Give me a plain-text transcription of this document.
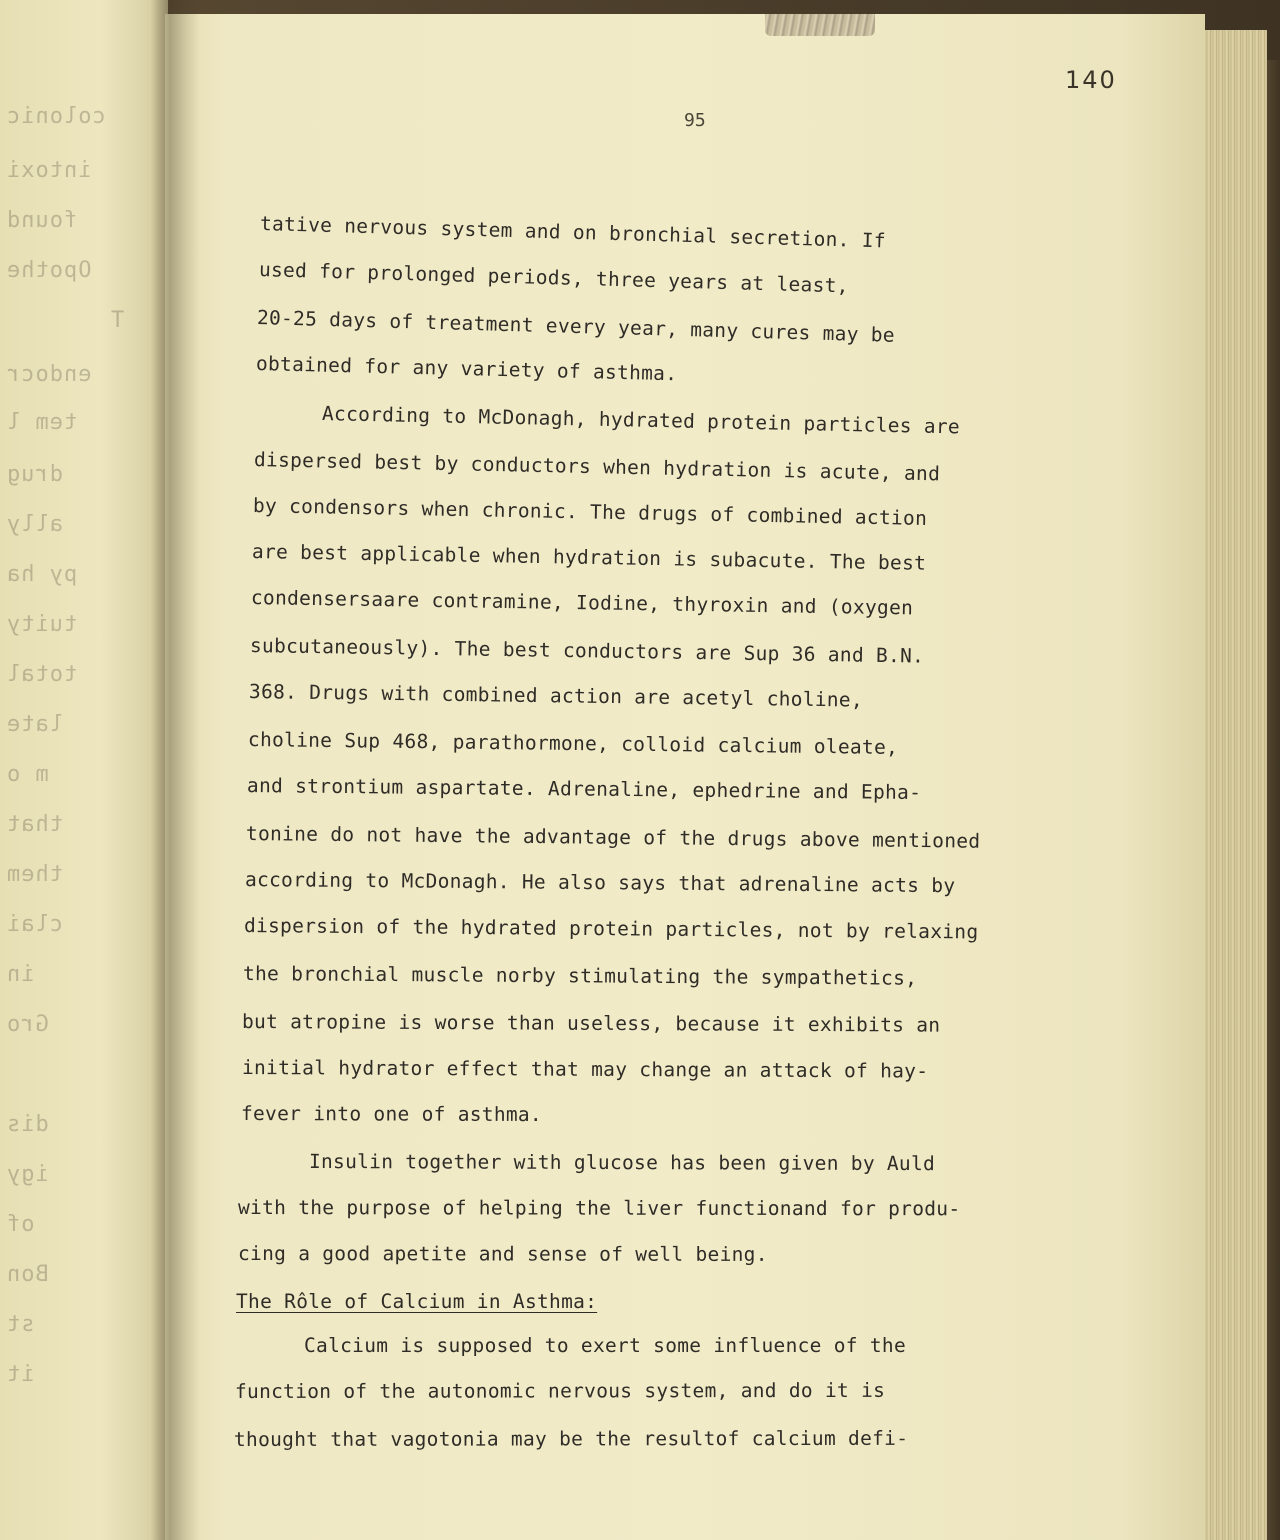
colonic
intoxi
found
Opothe
T
endocr
tem l
drug
ally
py ha
tuity
total
late
m o
that
them
clai
in
Gro
dis
igy
of
Bon
st
it
140
95
tative nervous system and on bronchial secretion. If
used for prolonged periods, three years at least,
20-25 days of treatment every year, many cures may be
obtained for any variety of asthma.
According to McDonagh, hydrated protein particles are
dispersed best by conductors when hydration is acute, and
by condensors when chronic. The drugs of combined action
are best applicable when hydration is subacute. The best
condensersaare contramine, Iodine, thyroxin and (oxygen
subcutaneously). The best conductors are Sup 36 and B.N.
368. Drugs with combined action are acetyl choline,
choline Sup 468, parathormone, colloid calcium oleate,
and strontium aspartate. Adrenaline, ephedrine and Epha-
tonine do not have the advantage of the drugs above mentioned
according to McDonagh. He also says that adrenaline acts by
dispersion of the hydrated protein particles, not by relaxing
the bronchial muscle norby stimulating the sympathetics,
but atropine is worse than useless, because it exhibits an
initial hydrator effect that may change an attack of hay-
fever into one of asthma.
Insulin together with glucose has been given by Auld
with the purpose of helping the liver functionand for produ-
cing a good apetite and sense of well being.
The Rôle of Calcium in Asthma:
Calcium is supposed to exert some influence of the
function of the autonomic nervous system, and do it is
thought that vagotonia may be the resultof calcium defi-
